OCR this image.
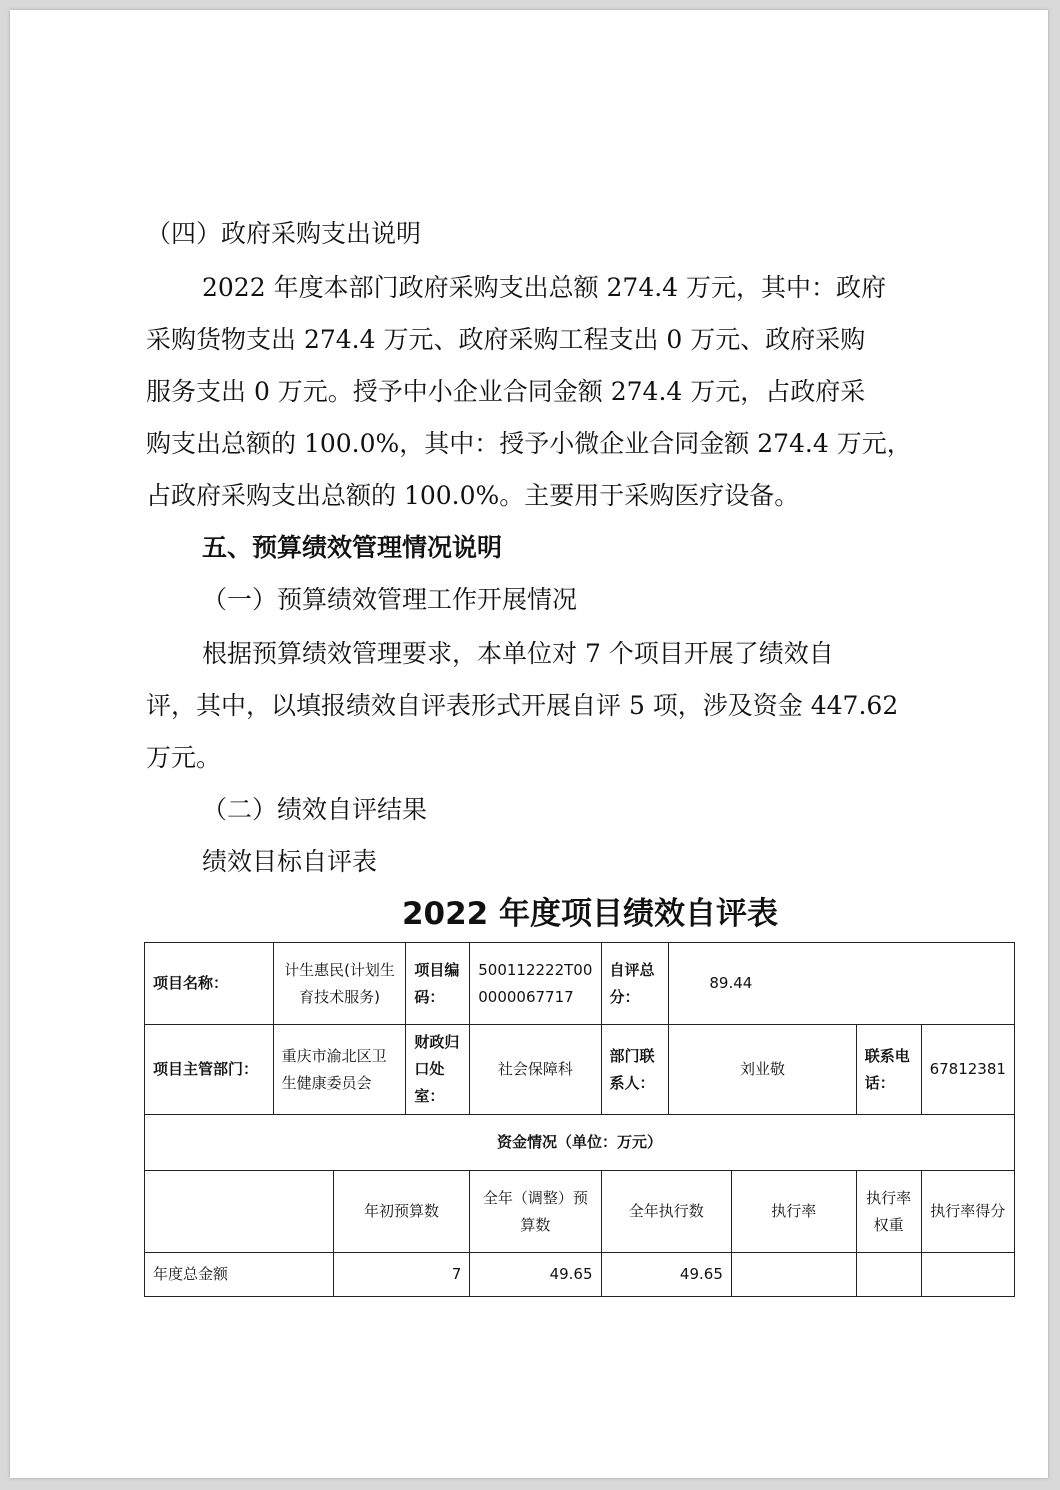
（四）政府采购支出说明
2022 年度本部门政府采购支出总额 274.4 万元，其中：政府
采购货物支出 274.4 万元、政府采购工程支出 0 万元、政府采购
服务支出 0 万元。授予中小企业合同金额 274.4 万元，占政府采
购支出总额的 100.0%，其中：授予小微企业合同金额 274.4 万元，
占政府采购支出总额的 100.0%。主要用于采购医疗设备。
五、预算绩效管理情况说明
（一）预算绩效管理工作开展情况
根据预算绩效管理要求，本单位对 7 个项目开展了绩效自
评，其中，以填报绩效自评表形式开展自评 5 项，涉及资金 447.62
万元。
（二）绩效自评结果
绩效目标自评表
2022 年度项目绩效自评表
项目名称：	计生惠民(计划生育技术服务)		项目编码：	500112222T000000067717	自评总分：	89.44			
项目主管部门：	重庆市渝北区卫生健康委员会		财政归口处室：	社会保障科	部门联系人：	刘业敬		联系电话：	67812381
资金情况（单位：万元）									
		年初预算数		全年（调整）预算数	全年执行数		执行率	执行率权重	执行率得分
年度总金额		7		49.65	49.65				
